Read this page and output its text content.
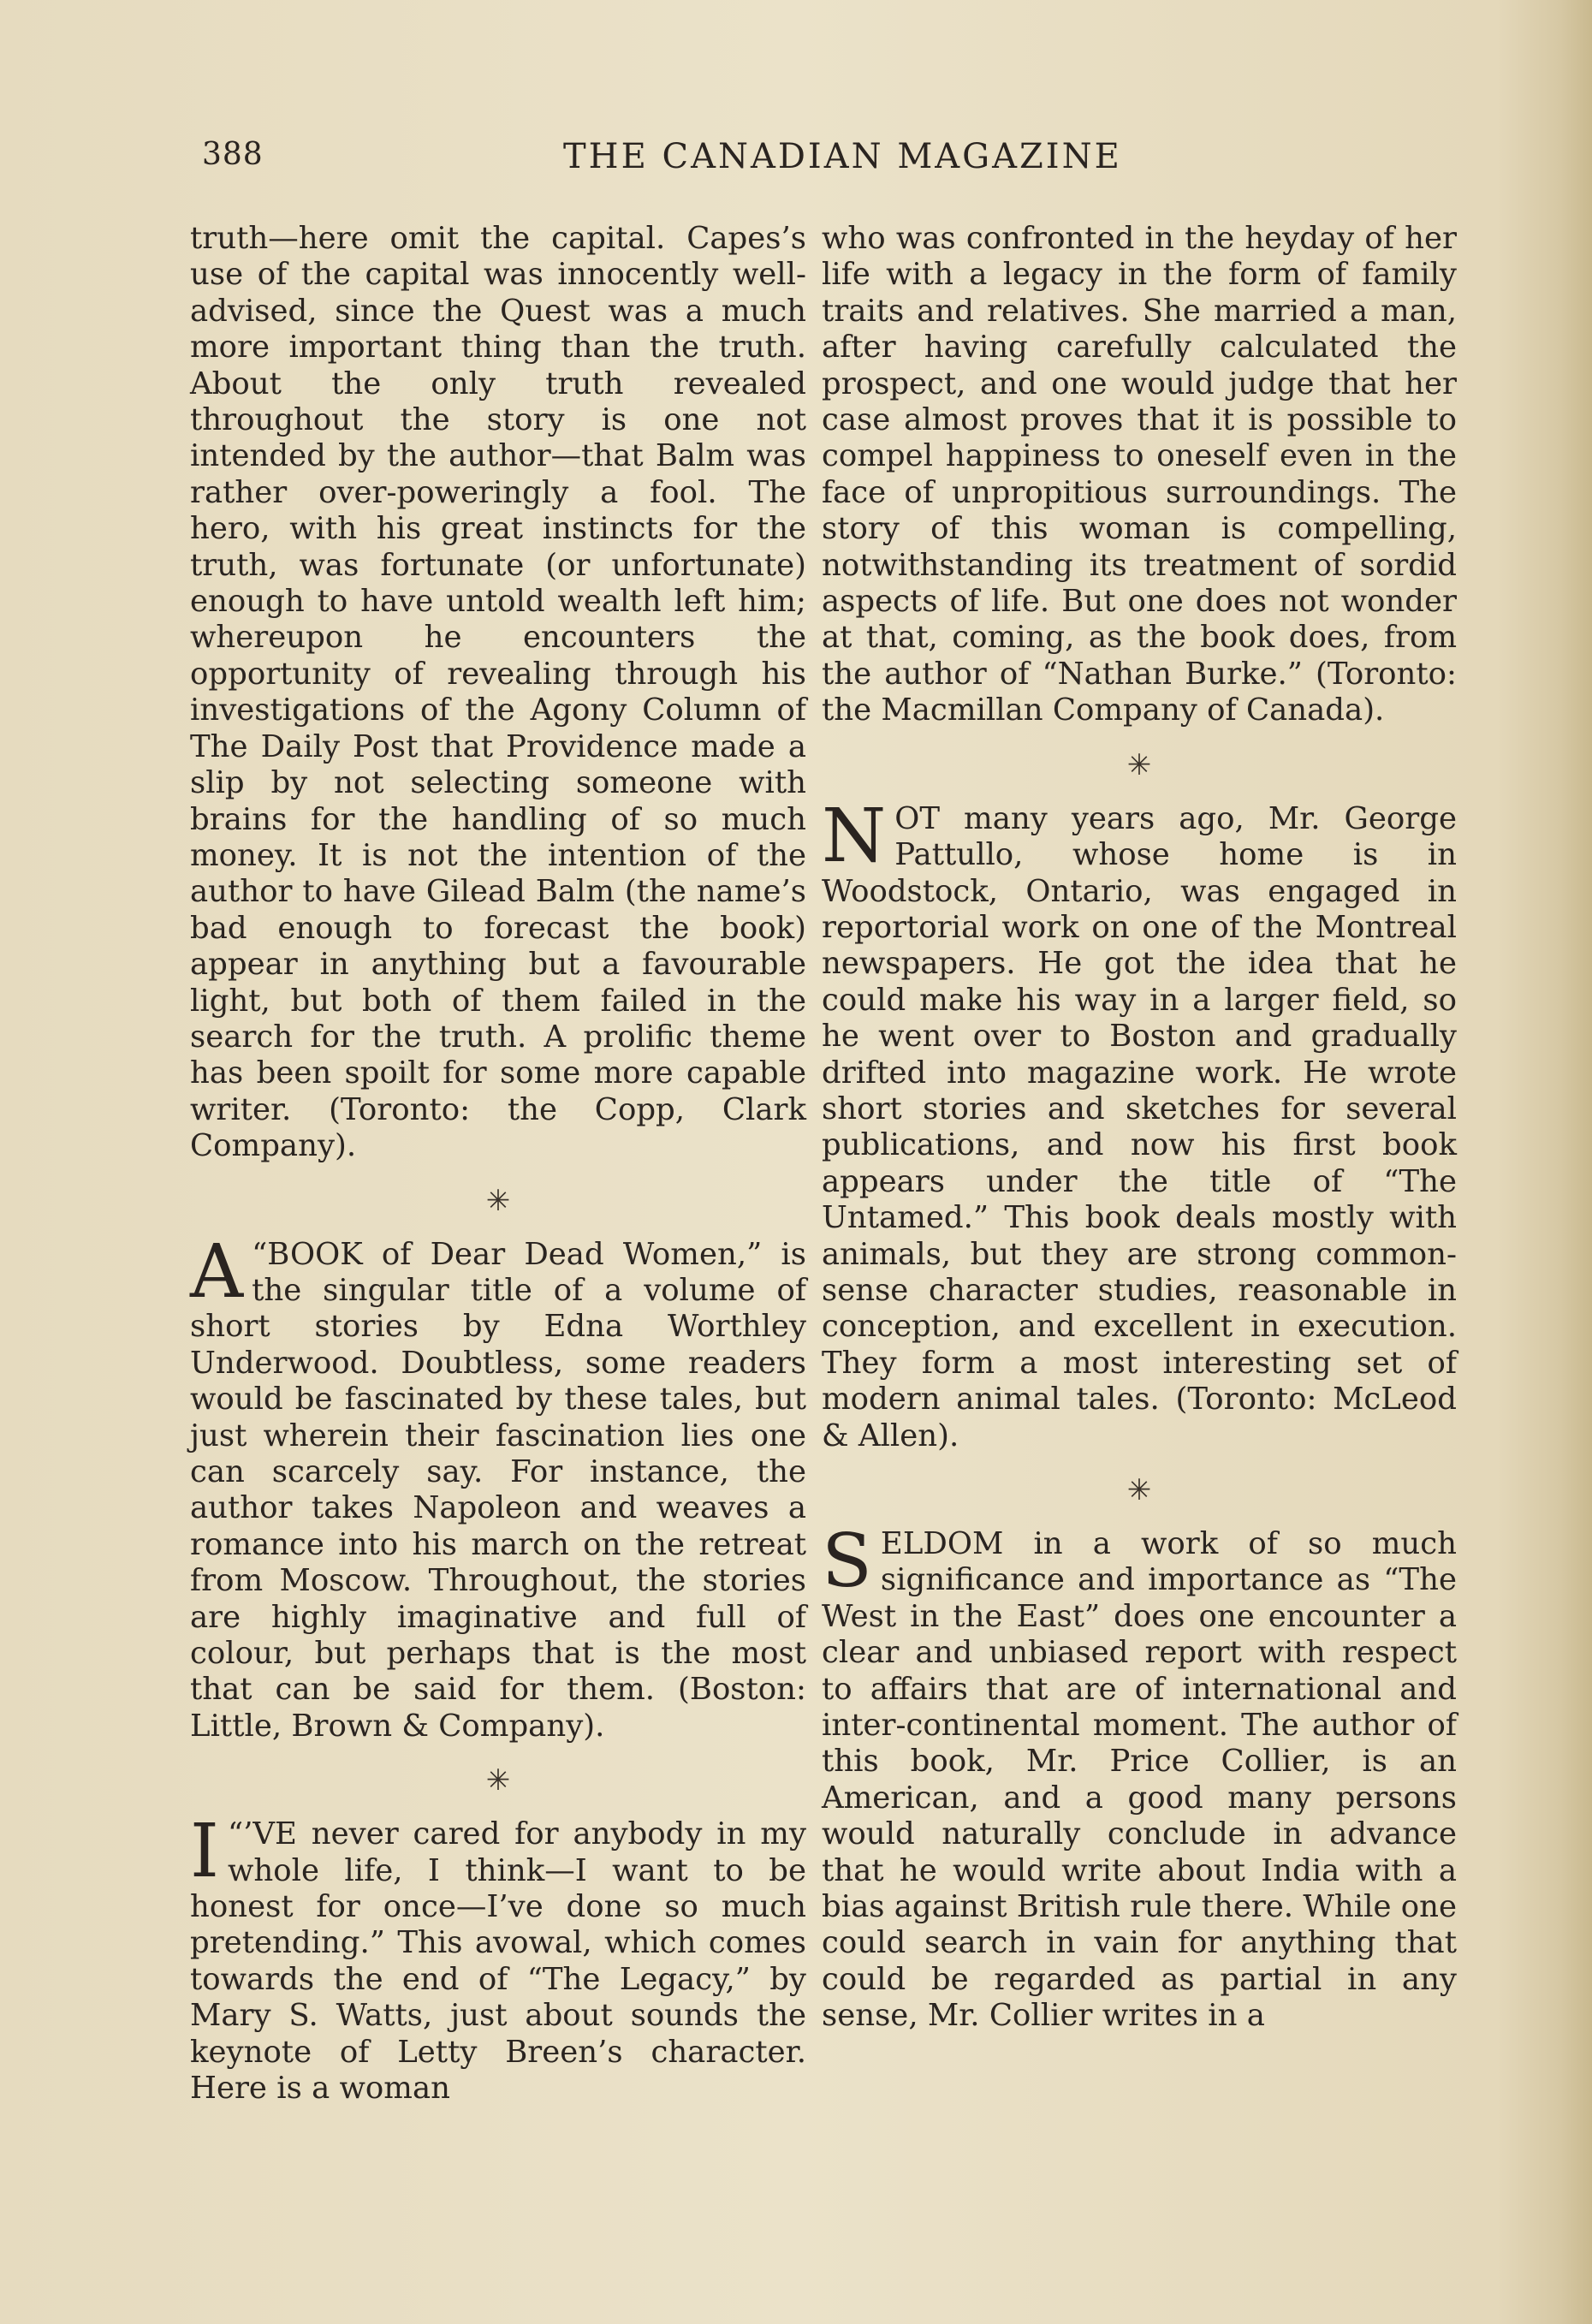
388	THE CANADIAN MAGAZINE

truth—here omit the capital. Capes’s use of the capital was innocently well-advised, since the Quest was a much more important thing than the truth. About the only truth revealed throughout the story is one not intended by the author—that Balm was rather over-poweringly a fool. The hero, with his great instincts for the truth, was fortunate (or unfortunate) enough to have untold wealth left him; whereupon he encounters the opportunity of revealing through his investigations of the Agony Column of The Daily Post that Providence made a slip by not selecting someone with brains for the handling of so much money. It is not the intention of the author to have Gilead Balm (the name’s bad enough to forecast the book) appear in anything but a favourable light, but both of them failed in the search for the truth. A prolific theme has been spoilt for some more capable writer. (Toronto: the Copp, Clark Company).

✳

“
A BOOK of Dear Dead Women,” is the singular title of a volume of short stories by Edna Worthley Underwood. Doubtless, some readers would be fascinated by these tales, but just wherein their fascination lies one can scarcely say. For instance, the author takes Napoleon and weaves a romance into his march on the retreat from Moscow. Throughout, the stories are highly imaginative and full of colour, but perhaps that is the most that can be said for them. (Boston: Little, Brown & Company).

✳

“
I ’VE never cared for anybody in my whole life, I think—I want to be honest for once—I’ve done so much pretending.” This avowal, which comes towards the end of “The Legacy,” by Mary S. Watts, just about sounds the keynote of Letty Breen’s character. Here is a woman

who was confronted in the heyday of her life with a legacy in the form of family traits and relatives. She married a man, after having carefully calculated the prospect, and one would judge that her case almost proves that it is possible to compel happiness to oneself even in the face of unpropitious surroundings. The story of this woman is compelling, notwithstanding its treatment of sordid aspects of life. But one does not wonder at that, coming, as the book does, from the author of “Nathan Burke.” (Toronto: the Macmillan Company of Canada).

✳

NOT many years ago, Mr. George Pattullo, whose home is in Woodstock, Ontario, was engaged in reportorial work on one of the Montreal newspapers. He got the idea that he could make his way in a larger field, so he went over to Boston and gradually drifted into magazine work. He wrote short stories and sketches for several publications, and now his first book appears under the title of “The Untamed.” This book deals mostly with animals, but they are strong common-sense character studies, reasonable in conception, and excellent in execution. They form a most interesting set of modern animal tales. (Toronto: McLeod & Allen).

✳

SELDOM in a work of so much significance and importance as “The West in the East” does one encounter a clear and unbiased report with respect to affairs that are of international and inter-continental moment. The author of this book, Mr. Price Collier, is an American, and a good many persons would naturally conclude in advance that he would write about India with a bias against British rule there. While one could search in vain for anything that could be regarded as partial in any sense, Mr. Collier writes in a
